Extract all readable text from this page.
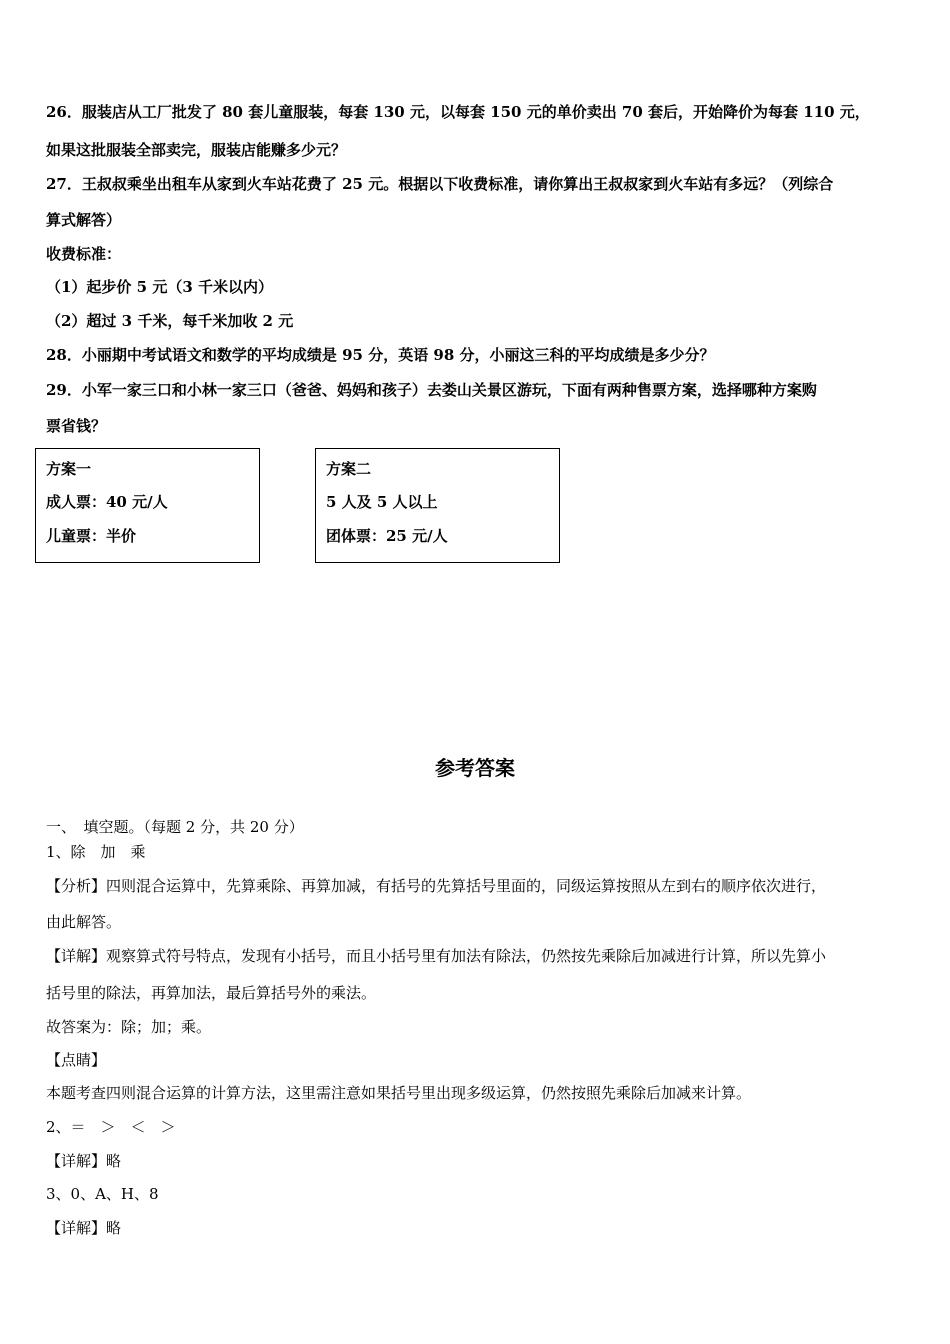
26．服装店从工厂批发了 80 套儿童服装，每套 130 元，以每套 150 元的单价卖出 70 套后，开始降价为每套 110 元，
如果这批服装全部卖完，服装店能赚多少元？
27．王叔叔乘坐出租车从家到火车站花费了 25 元。根据以下收费标准，请你算出王叔叔家到火车站有多远？（列综合
算式解答）
收费标准：
（1）起步价 5 元（3 千米以内）
（2）超过 3 千米，每千米加收 2 元
28．小丽期中考试语文和数学的平均成绩是 95 分，英语 98 分，小丽这三科的平均成绩是多少分？
29．小军一家三口和小林一家三口（爸爸、妈妈和孩子）去娄山关景区游玩，下面有两种售票方案，选择哪种方案购
票省钱？
方案一
成人票：40 元/人
儿童票：半价
方案二
5 人及 5 人以上
团体票：25 元/人
参考答案
一、　填空题。（每题 2 分，共 20 分）
1、除　加　乘
【分析】四则混合运算中，先算乘除、再算加减，有括号的先算括号里面的，同级运算按照从左到右的顺序依次进行，
由此解答。
【详解】观察算式符号特点，发现有小括号，而且小括号里有加法有除法，仍然按先乘除后加减进行计算，所以先算小
括号里的除法，再算加法，最后算括号外的乘法。
故答案为：除；加；乘。
【点睛】
本题考查四则混合运算的计算方法，这里需注意如果括号里出现多级运算，仍然按照先乘除后加减来计算。
2、＝　＞　＜　＞
【详解】略
3、0、A、H、8
【详解】略
